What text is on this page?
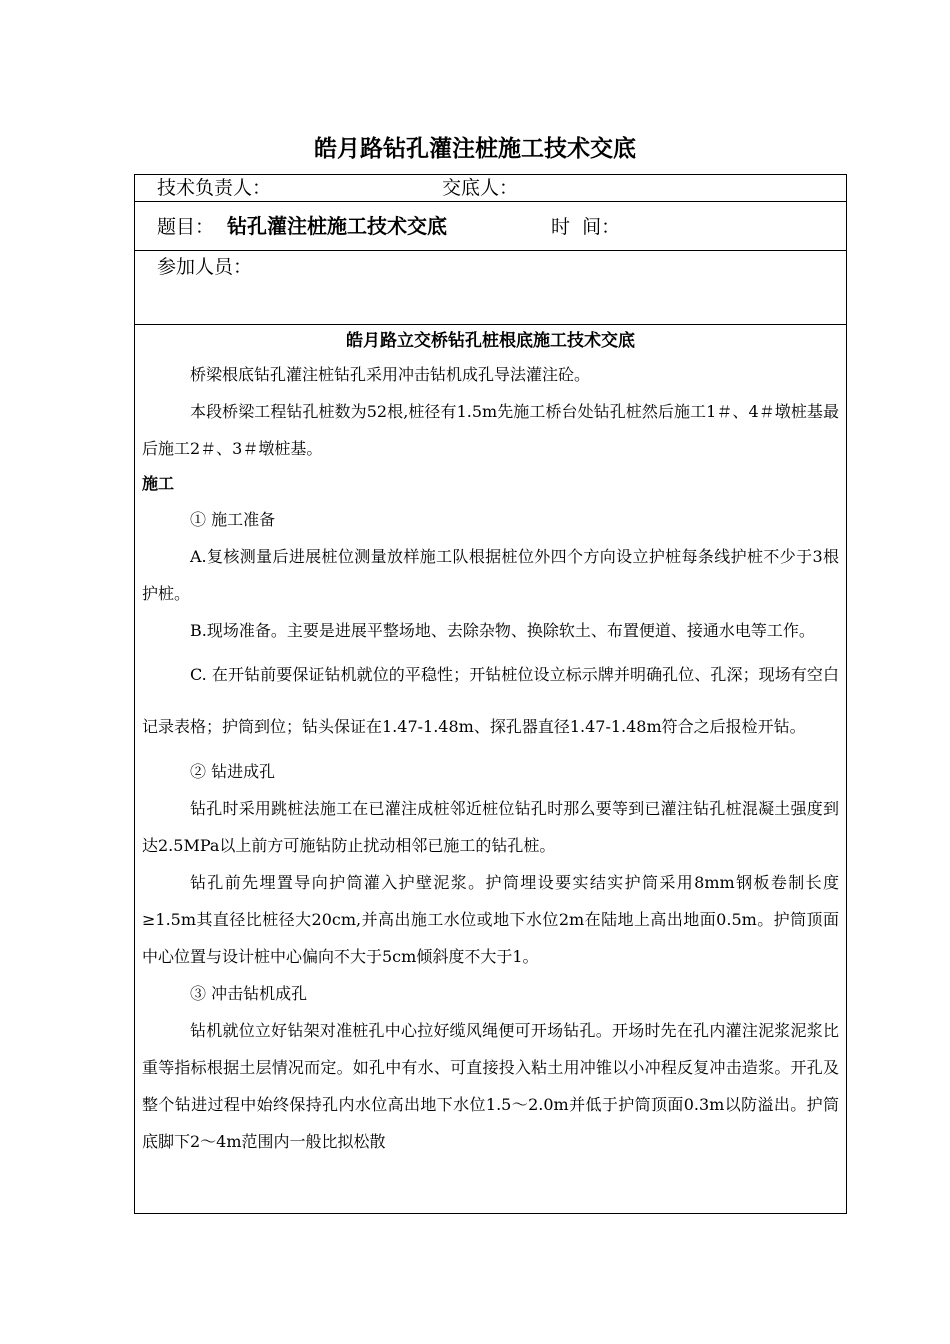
皓月路钻孔灌注桩施工技术交底
技术负责人：	交底人：
题目： 钻孔灌注桩施工技术交底	时  间：
参加人员：
皓月路立交桥钻孔桩根底施工技术交底

桥梁根底钻孔灌注桩钻孔采用冲击钻机成孔导法灌注砼。

本段桥梁工程钻孔桩数为52根,桩径有1.5m先施工桥台处钻孔桩然后施工1＃、4＃墩桩基最后施工2＃、3＃墩桩基。

施工

① 施工准备

A.复核测量后进展桩位测量放样施工队根据桩位外四个方向设立护桩每条线护桩不少于3根护桩。

B.现场准备。主要是进展平整场地、去除杂物、换除软土、布置便道、接通水电等工作。

C. 在开钻前要保证钻机就位的平稳性；开钻桩位设立标示牌并明确孔位、孔深；现场有空白记录表格；护筒到位；钻头保证在1.47-1.48m、探孔器直径1.47-1.48m符合之后报检开钻。

② 钻进成孔

钻孔时采用跳桩法施工在已灌注成桩邻近桩位钻孔时那么要等到已灌注钻孔桩混凝土强度到达2.5MPa以上前方可施钻防止扰动相邻已施工的钻孔桩。

钻孔前先埋置导向护筒灌入护壁泥浆。护筒埋设要实结实护筒采用8mm钢板卷制长度≥1.5m其直径比桩径大20cm,并高出施工水位或地下水位2m在陆地上高出地面0.5m。护筒顶面中心位置与设计桩中心偏向不大于5cm倾斜度不大于1。

③ 冲击钻机成孔

钻机就位立好钻架对准桩孔中心拉好缆风绳便可开场钻孔。开场时先在孔内灌注泥浆泥浆比重等指标根据土层情况而定。如孔中有水、可直接投入粘土用冲锥以小冲程反复冲击造浆。开孔及整个钻进过程中始终保持孔内水位高出地下水位1.5～2.0m并低于护筒顶面0.3m以防溢出。护筒底脚下2～4m范围内一般比拟松散
